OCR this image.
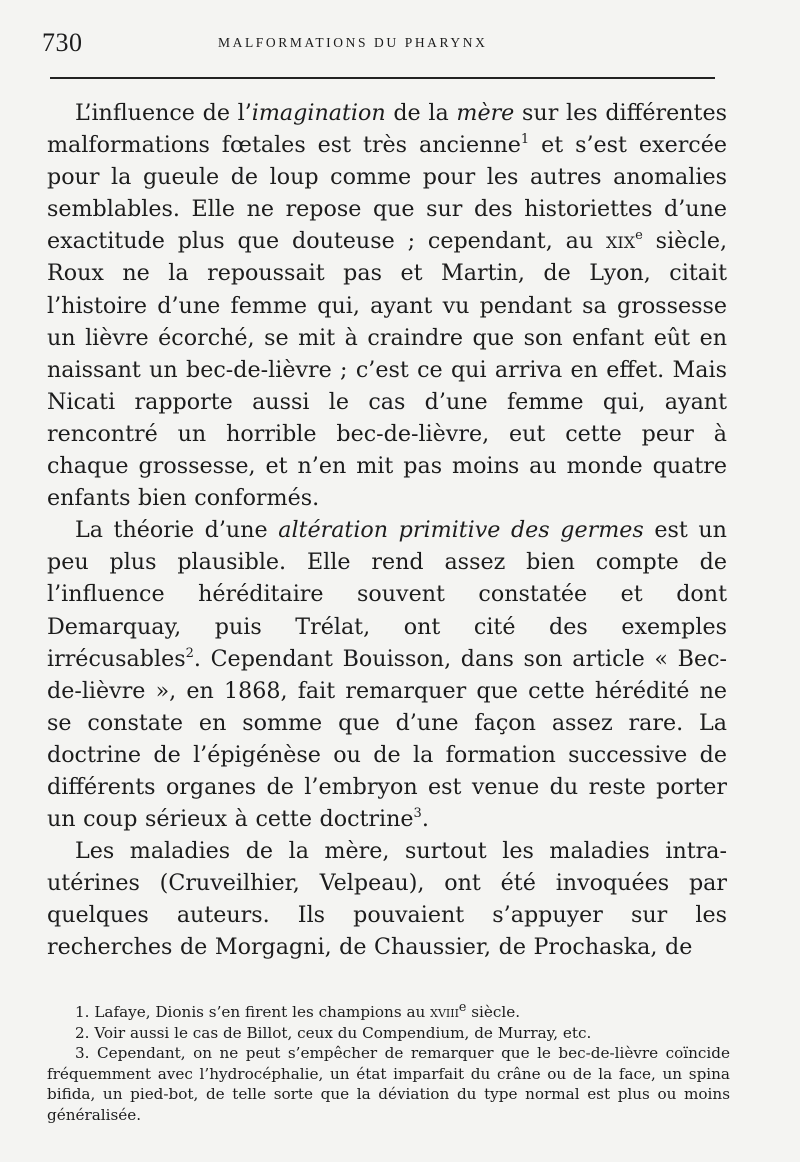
730	MALFORMATIONS DU PHARYNX

L’influence de l’imagination de la mère sur les différentes malformations fœtales est très ancienne$^1$ et s’est exercée pour la gueule de loup comme pour les autres anomalies semblables. Elle ne repose que sur des historiettes d’une exactitude plus que douteuse ; cependant, au xix$^e$ siècle, Roux ne la repoussait pas et Martin, de Lyon, citait l’histoire d’une femme qui, ayant vu pendant sa grossesse un lièvre écorché, se mit à craindre que son enfant eût en naissant un bec-de-lièvre ; c’est ce qui arriva en effet. Mais Nicati rapporte aussi le cas d’une femme qui, ayant rencontré un horrible bec-de-lièvre, eut cette peur à chaque grossesse, et n’en mit pas moins au monde quatre enfants bien conformés.

La théorie d’une altération primitive des germes est un peu plus plausible. Elle rend assez bien compte de l’influence héréditaire souvent constatée et dont Demarquay, puis Trélat, ont cité des exemples irrécusables$^2$. Cependant Bouisson, dans son article « Bec-de-lièvre », en 1868, fait remarquer que cette hérédité ne se constate en somme que d’une façon assez rare. La doctrine de l’épigénèse ou de la formation successive de différents organes de l’embryon est venue du reste porter un coup sérieux à cette doctrine$^3$.

Les maladies de la mère, surtout les maladies intra-utérines (Cruveilhier, Velpeau), ont été invoquées par quelques auteurs. Ils pouvaient s’appuyer sur les recherches de Morgagni, de Chaussier, de Prochaska, de

1. Lafaye, Dionis s’en firent les champions au xviii$^e$ siècle.

2. Voir aussi le cas de Billot, ceux du Compendium, de Murray, etc.

3. Cependant, on ne peut s’empêcher de remarquer que le bec-de-lièvre coïncide fréquemment avec l’hydrocéphalie, un état imparfait du crâne ou de la face, un spina bifida, un pied-bot, de telle sorte que la déviation du type normal est plus ou moins généralisée.
